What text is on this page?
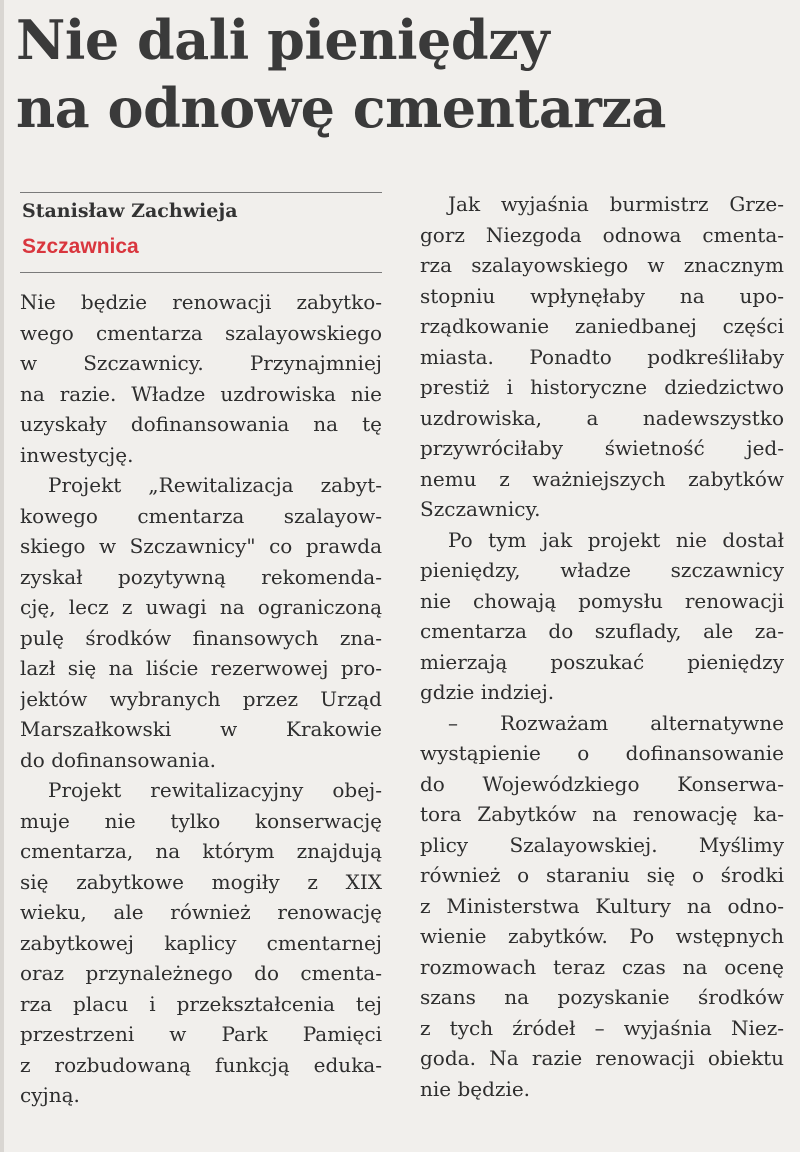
Nie dali pieniędzy
na odnowę cmentarza
Stanisław Zachwieja
Szczawnica
Nie będzie renowacji zabytko-
wego cmentarza szalayowskiego
w Szczawnicy. Przynajmniej
na razie. Władze uzdrowiska nie
uzyskały dofinansowania na tę
inwestycję.
Projekt „Rewitalizacja zabyt-
kowego cmentarza szalayow-
skiego w Szczawnicy" co prawda
zyskał pozytywną rekomenda-
cję, lecz z uwagi na ograniczoną
pulę środków finansowych zna-
lazł się na liście rezerwowej pro-
jektów wybranych przez Urząd
Marszałkowski w Krakowie
do dofinansowania.
Projekt rewitalizacyjny obej-
muje nie tylko konserwację
cmentarza, na którym znajdują
się zabytkowe mogiły z XIX
wieku, ale również renowację
zabytkowej kaplicy cmentarnej
oraz przynależnego do cmenta-
rza placu i przekształcenia tej
przestrzeni w Park Pamięci
z rozbudowaną funkcją eduka-
cyjną.
Jak wyjaśnia burmistrz Grze-
gorz Niezgoda odnowa cmenta-
rza szalayowskiego w znacznym
stopniu wpłynęłaby na upo-
rządkowanie zaniedbanej części
miasta. Ponadto podkreśliłaby
prestiż i historyczne dziedzictwo
uzdrowiska, a nadewszystko
przywróciłaby świetność jed-
nemu z ważniejszych zabytków
Szczawnicy.
Po tym jak projekt nie dostał
pieniędzy, władze szczawnicy
nie chowają pomysłu renowacji
cmentarza do szuflady, ale za-
mierzają poszukać pieniędzy
gdzie indziej.
– Rozważam alternatywne
wystąpienie o dofinansowanie
do Wojewódzkiego Konserwa-
tora Zabytków na renowację ka-
plicy Szalayowskiej. Myślimy
również o staraniu się o środki
z Ministerstwa Kultury na odno-
wienie zabytków. Po wstępnych
rozmowach teraz czas na ocenę
szans na pozyskanie środków
z tych źródeł – wyjaśnia Niez-
goda. Na razie renowacji obiektu
nie będzie.
